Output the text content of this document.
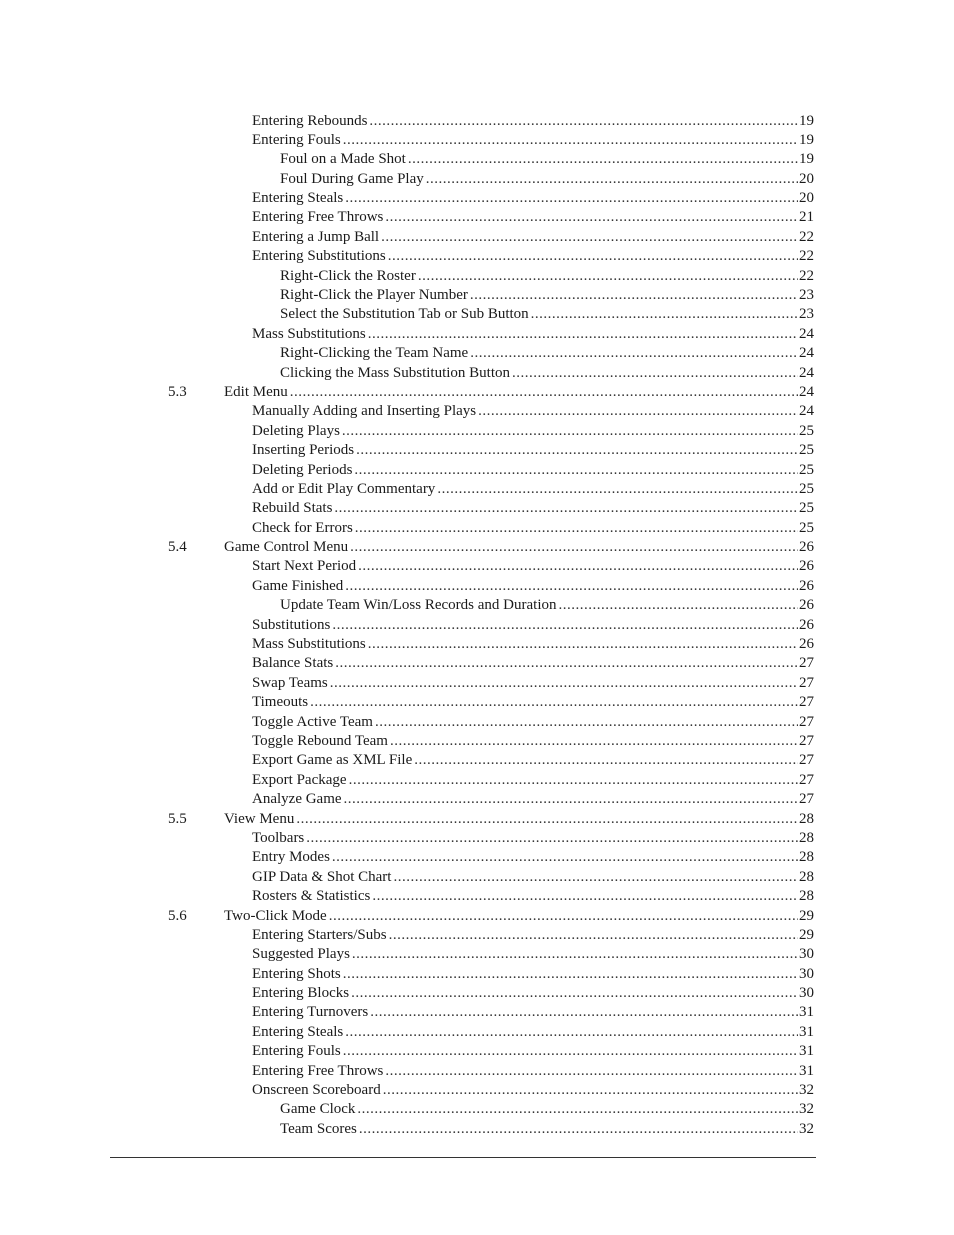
Entering Rebounds .....	19
Entering Fouls .....	19
Foul on a Made Shot .....	19
Foul During Game Play .....	20
Entering Steals .....	20
Entering Free Throws .....	21
Entering a Jump Ball .....	22
Entering Substitutions .....	22
Right-Click the Roster .....	22
Right-Click the Player Number .....	23
Select the Substitution Tab or Sub Button .....	23
Mass Substitutions .....	24
Right-Clicking the Team Name .....	24
Clicking the Mass Substitution Button .....	24
5.3 Edit Menu .....	24
Manually Adding and Inserting Plays .....	24
Deleting Plays .....	25
Inserting Periods .....	25
Deleting Periods .....	25
Add or Edit Play Commentary .....	25
Rebuild Stats .....	25
Check for Errors .....	25
5.4 Game Control Menu .....	26
Start Next Period .....	26
Game Finished .....	26
Update Team Win/Loss Records and Duration .....	26
Substitutions .....	26
Mass Substitutions .....	26
Balance Stats .....	27
Swap Teams .....	27
Timeouts .....	27
Toggle Active Team .....	27
Toggle Rebound Team .....	27
Export Game as XML File .....	27
Export Package .....	27
Analyze Game .....	27
5.5 View Menu .....	28
Toolbars .....	28
Entry Modes .....	28
GIP Data & Shot Chart .....	28
Rosters & Statistics .....	28
5.6 Two-Click Mode .....	29
Entering Starters/Subs .....	29
Suggested Plays .....	30
Entering Shots .....	30
Entering Blocks .....	30
Entering Turnovers .....	31
Entering Steals .....	31
Entering Fouls .....	31
Entering Free Throws .....	31
Onscreen Scoreboard .....	32
Game Clock .....	32
Team Scores .....	32
